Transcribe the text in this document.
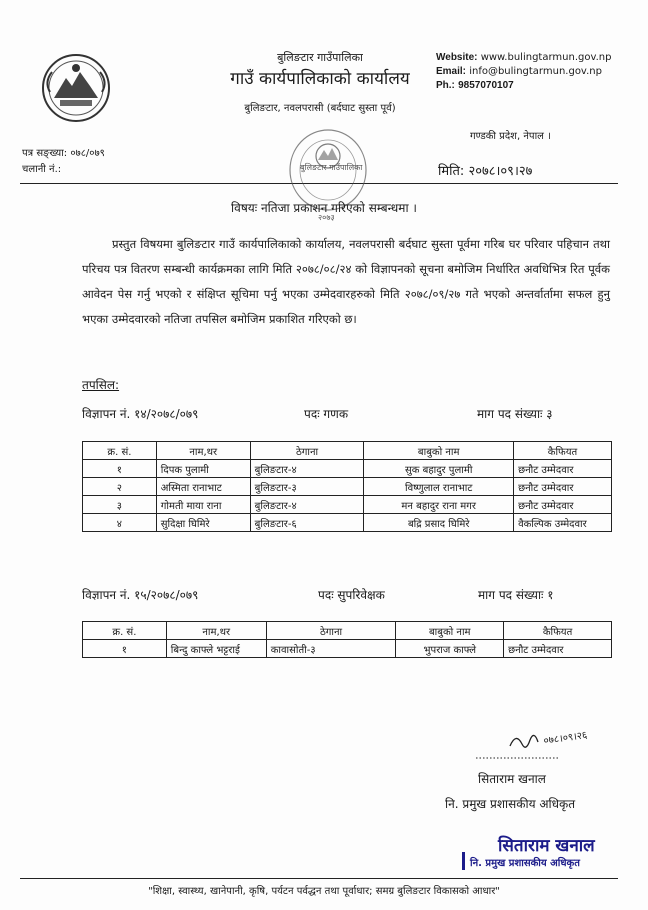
बुलिङटार गाउँपालिका
गाउँ कार्यपालिकाको कार्यालय
बुलिङटार, नवलपरासी (बर्दघाट सुस्ता पूर्व)
Website: www.bulingtarmun.gov.np
Email: info@bulingtarmun.gov.np
Ph.: 9857070107
गण्डकी प्रदेश, नेपाल ।
पत्र सङ्ख्या: ०७८/०७९
चलानी नं.:	मिति: २०७८।०९।२७
बुलिङटार गाउँपालिका
२०७३
विषयः नतिजा प्रकाशन गरिएको सम्बन्धमा ।
प्रस्तुत विषयमा बुलिङटार गाउँ कार्यपालिकाको कार्यालय, नवलपरासी बर्दघाट सुस्ता पूर्वमा गरिब घर परिवार पहिचान तथा परिचय पत्र वितरण सम्बन्धी कार्यक्रमका लागि मिति २०७८/०८/२४ को विज्ञापनको सूचना बमोजिम निर्धारित अवधिभित्र रित पूर्वक आवेदन पेस गर्नु भएको र संक्षिप्त सूचिमा पर्नु भएका उम्मेदवारहरुको मिति २०७८/०९/२७ गते भएको अन्तर्वार्तामा सफल हुनु भएका उम्मेदवारको नतिजा तपसिल बमोजिम प्रकाशित गरिएको छ।
तपसिल:
विज्ञापन नं. १४/२०७८/०७९	पदः गणक	माग पद संख्याः ३
क्र. सं.	नाम,थर	ठेगाना	बाबुको नाम	कैफियत
१	दिपक पुलामी	बुलिङटार-४	सुक बहादुर पुलामी	छनौट उम्मेदवार
२	अस्मिता रानाभाट	बुलिङटार-३	विष्णुलाल रानाभाट	छनौट उम्मेदवार
३	गोमती माया राना	बुलिङटार-४	मन बहादुर राना मगर	छनौट उम्मेदवार
४	सुदिक्षा घिमिरे	बुलिङटार-६	बद्रि प्रसाद घिमिरे	वैकल्पिक उम्मेदवार
विज्ञापन नं. १५/२०७८/०७९	पदः सुपरिवेक्षक	माग पद संख्याः १
क्र. सं.	नाम,थर	ठेगाना	बाबुको नाम	कैफियत
१	बिन्दु काफ्ले भट्टराई	कावासोती-३	भुपराज काफ्ले	छनौट उम्मेदवार
०७८।०९।२६
सिताराम खनाल
नि. प्रमुख प्रशासकीय अधिकृत
सिताराम खनाल
नि. प्रमुख प्रशासकीय अधिकृत
"शिक्षा, स्वास्थ्य, खानेपानी, कृषि, पर्यटन पर्वद्धन तथा पूर्वाधार; समग्र बुलिङटार विकासको आधार"
